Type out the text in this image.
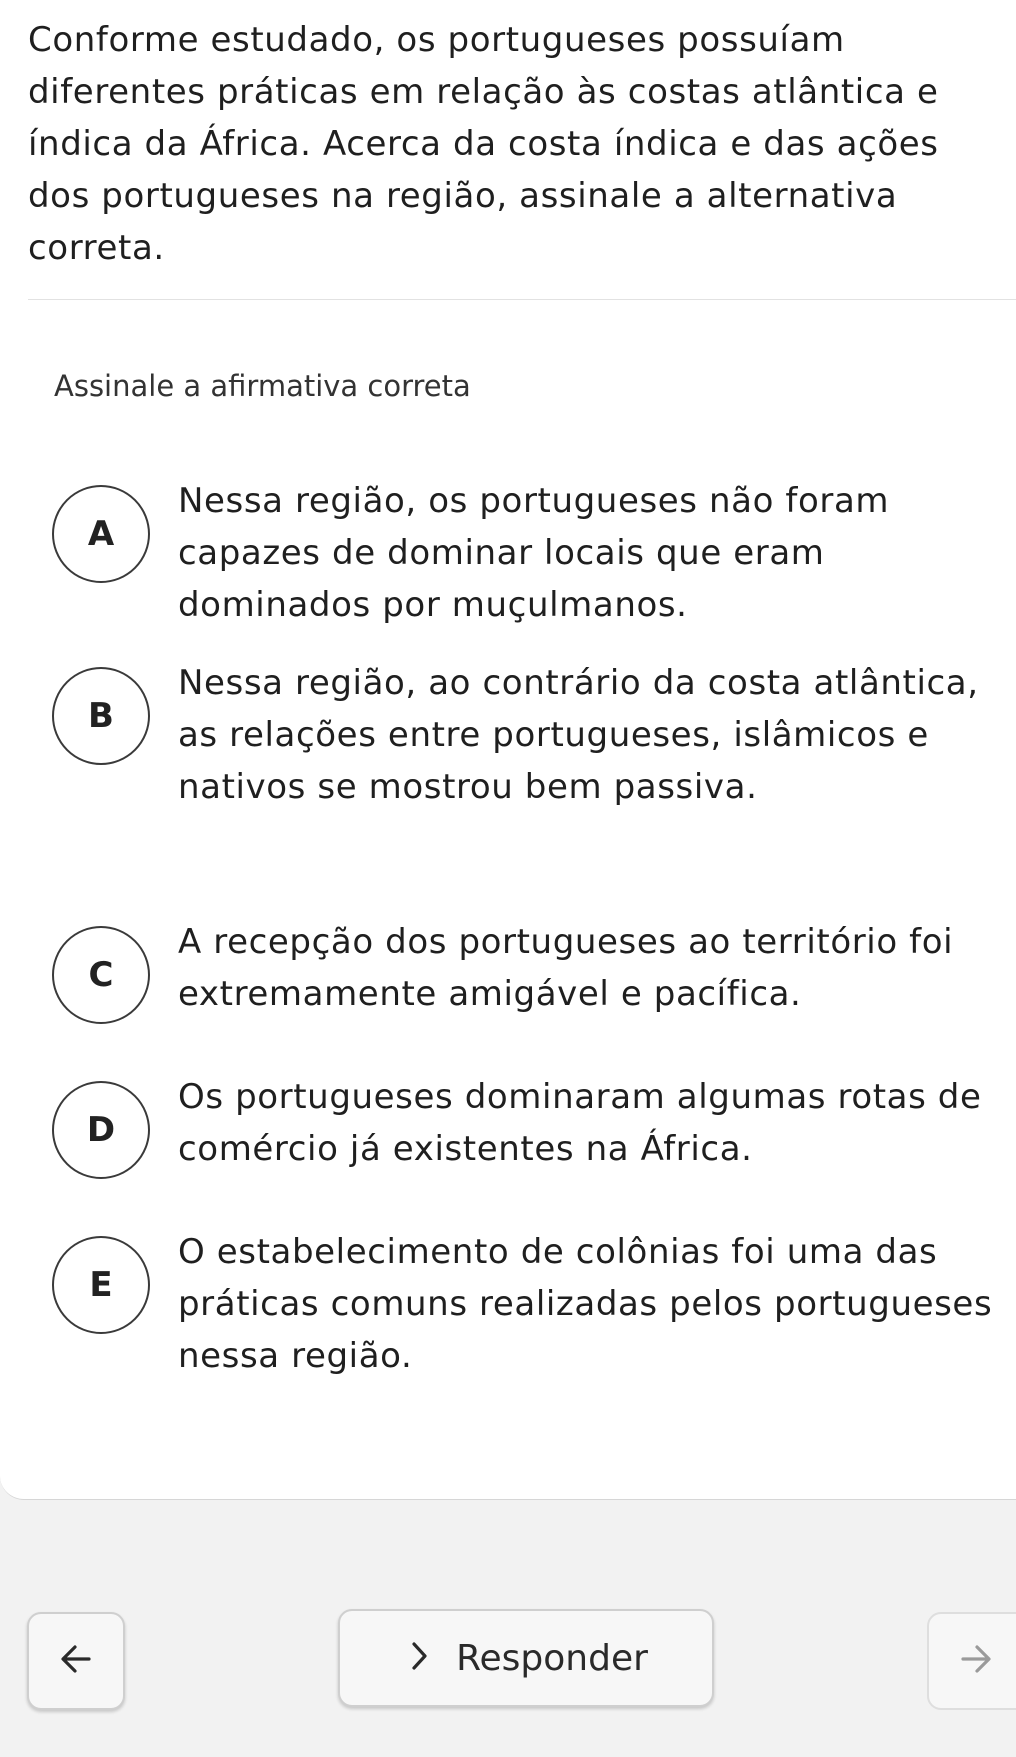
Conforme estudado, os portugueses possuíam diferentes práticas em relação às costas atlântica e índica da África. Acerca da costa índica e das ações dos portugueses na região, assinale a alternativa correta.

Assinale a afirmativa correta

A
Nessa região, os portugueses não foram capazes de dominar locais que eram dominados por muçulmanos.
B
Nessa região, ao contrário da costa atlântica, as relações entre portugueses, islâmicos e nativos se mostrou bem passiva.
C
A recepção dos portugueses ao território foi extremamente amigável e pacífica.
D
Os portugueses dominaram algumas rotas de comércio já existentes na África.
E
O estabelecimento de colônias foi uma das práticas comuns realizadas pelos portugueses nessa região.
Responder
